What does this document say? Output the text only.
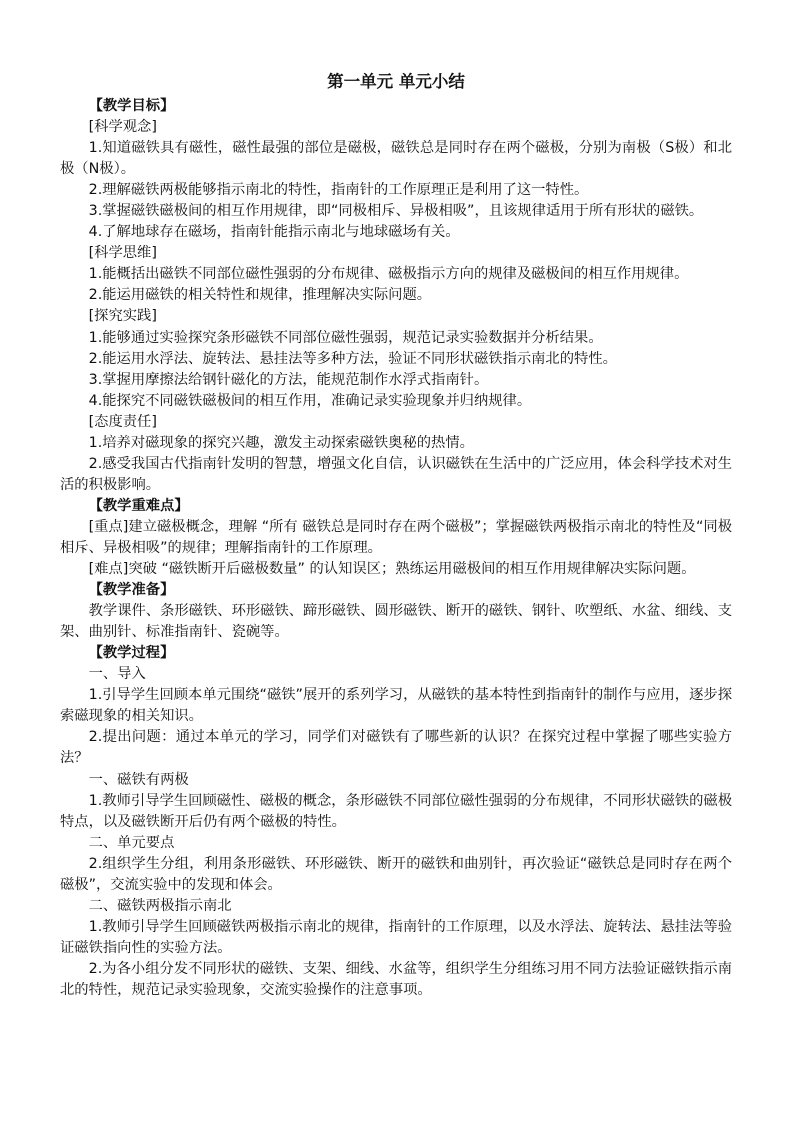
第一单元 单元小结

【教学目标】

[科学观念]

1.知道磁铁具有磁性，磁性最强的部位是磁极，磁铁总是同时存在两个磁极，分别为南极（S极）和北极（N极）。

2.理解磁铁两极能够指示南北的特性，指南针的工作原理正是利用了这一特性。

3.掌握磁铁磁极间的相互作用规律，即“同极相斥、异极相吸”，且该规律适用于所有形状的磁铁。

4.了解地球存在磁场，指南针能指示南北与地球磁场有关。

[科学思维]

1.能概括出磁铁不同部位磁性强弱的分布规律、磁极指示方向的规律及磁极间的相互作用规律。

2.能运用磁铁的相关特性和规律，推理解决实际问题。

[探究实践]

1.能够通过实验探究条形磁铁不同部位磁性强弱，规范记录实验数据并分析结果。

2.能运用水浮法、旋转法、悬挂法等多种方法，验证不同形状磁铁指示南北的特性。

3.掌握用摩擦法给钢针磁化的方法，能规范制作水浮式指南针。

4.能探究不同磁铁磁极间的相互作用，准确记录实验现象并归纳规律。

[态度责任]

1.培养对磁现象的探究兴趣，激发主动探索磁铁奥秘的热情。

2.感受我国古代指南针发明的智慧，增强文化自信，认识磁铁在生活中的广泛应用，体会科学技术对生活的积极影响。

【教学重难点】

[重点]建立磁极概念，理解 “所有 磁铁总是同时存在两个磁极”；掌握磁铁两极指示南北的特性及“同极相斥、异极相吸”的规律；理解指南针的工作原理。

[难点]突破 “磁铁断开后磁极数量” 的认知误区；熟练运用磁极间的相互作用规律解决实际问题。

【教学准备】

教学课件、条形磁铁、环形磁铁、蹄形磁铁、圆形磁铁、断开的磁铁、钢针、吹塑纸、水盆、细线、支架、曲别针、标准指南针、瓷碗等。

【教学过程】

一、导入

1.引导学生回顾本单元围绕“磁铁”展开的系列学习，从磁铁的基本特性到指南针的制作与应用，逐步探索磁现象的相关知识。

2.提出问题：通过本单元的学习，同学们对磁铁有了哪些新的认识？在探究过程中掌握了哪些实验方法？

一、磁铁有两极

1.教师引导学生回顾磁性、磁极的概念，条形磁铁不同部位磁性强弱的分布规律，不同形状磁铁的磁极特点，以及磁铁断开后仍有两个磁极的特性。

二、单元要点

2.组织学生分组，利用条形磁铁、环形磁铁、断开的磁铁和曲别针，再次验证“磁铁总是同时存在两个磁极”，交流实验中的发现和体会。

二、磁铁两极指示南北

1.教师引导学生回顾磁铁两极指示南北的规律，指南针的工作原理，以及水浮法、旋转法、悬挂法等验证磁铁指向性的实验方法。

2.为各小组分发不同形状的磁铁、支架、细线、水盆等，组织学生分组练习用不同方法验证磁铁指示南北的特性，规范记录实验现象，交流实验操作的注意事项。
